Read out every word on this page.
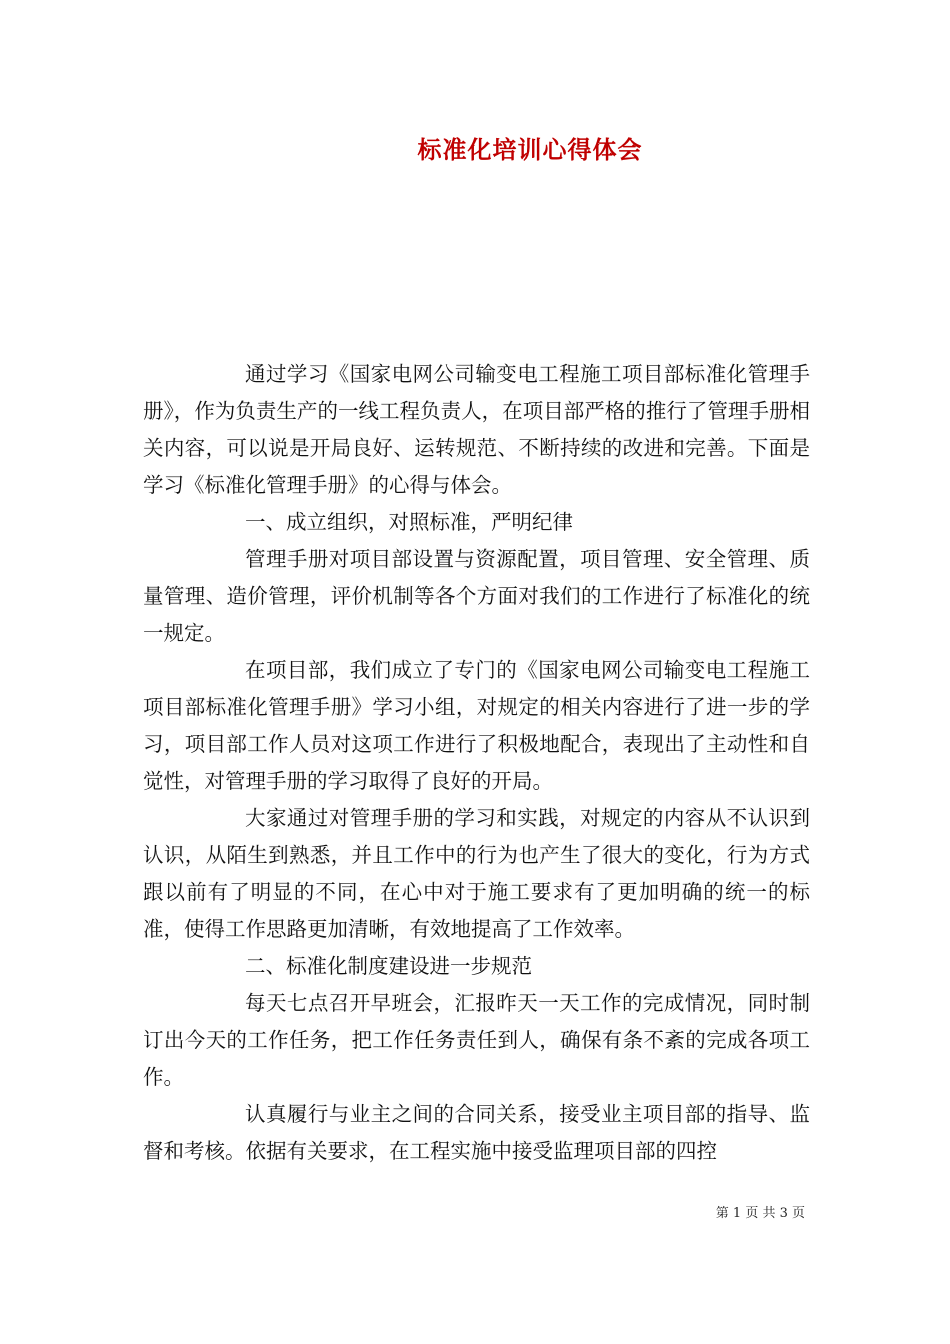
标准化培训心得体会

通过学习《国家电网公司输变电工程施工项目部标准化管理手册》，作为负责生产的一线工程负责人，在项目部严格的推行了管理手册相关内容，可以说是开局良好、运转规范、不断持续的改进和完善。下面是学习《标准化管理手册》的心得与体会。

一、成立组织，对照标准，严明纪律

管理手册对项目部设置与资源配置，项目管理、安全管理、质量管理、造价管理，评价机制等各个方面对我们的工作进行了标准化的统一规定。

在项目部，我们成立了专门的《国家电网公司输变电工程施工项目部标准化管理手册》学习小组，对规定的相关内容进行了进一步的学习，项目部工作人员对这项工作进行了积极地配合，表现出了主动性和自觉性，对管理手册的学习取得了良好的开局。

大家通过对管理手册的学习和实践，对规定的内容从不认识到认识，从陌生到熟悉，并且工作中的行为也产生了很大的变化，行为方式跟以前有了明显的不同，在心中对于施工要求有了更加明确的统一的标准，使得工作思路更加清晰，有效地提高了工作效率。

二、标准化制度建设进一步规范

每天七点召开早班会，汇报昨天一天工作的完成情况，同时制订出今天的工作任务，把工作任务责任到人，确保有条不紊的完成各项工作。

认真履行与业主之间的合同关系，接受业主项目部的指导、监督和考核。依据有关要求，在工程实施中接受监理项目部的四控

第 1 页 共 3 页
